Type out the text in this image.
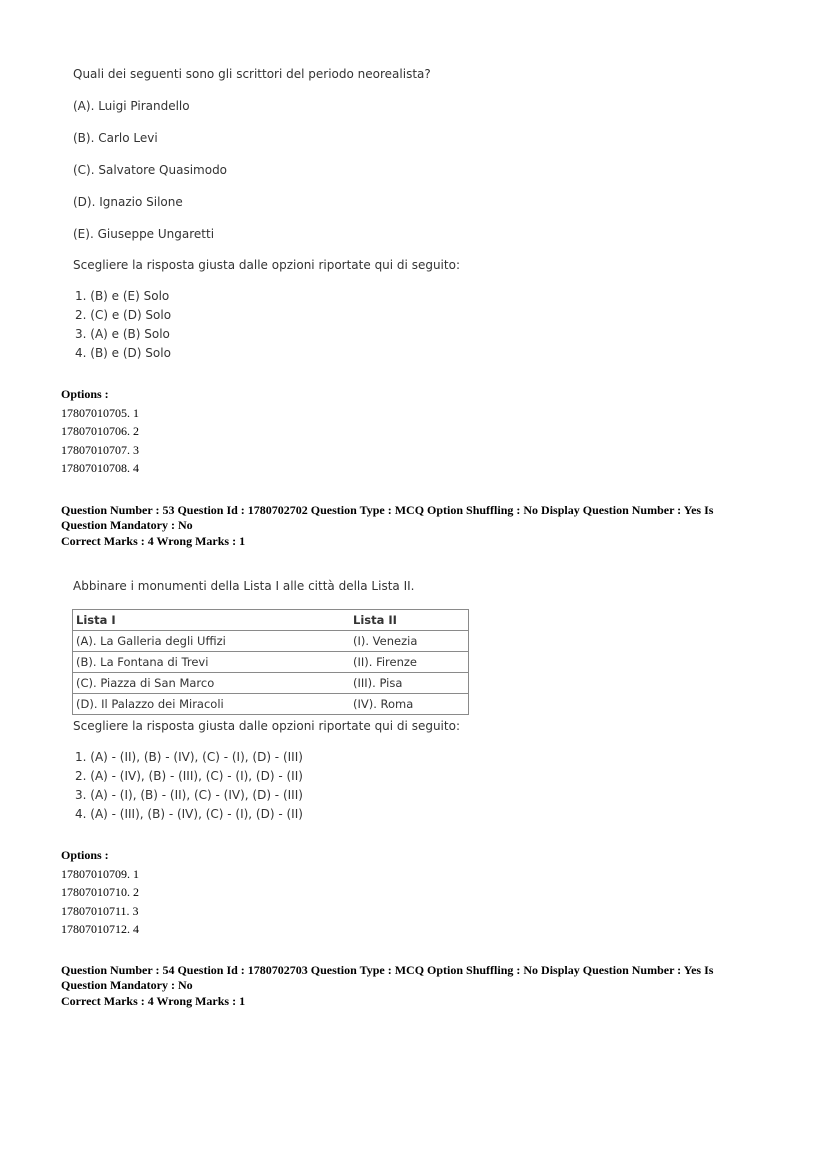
Quali dei seguenti sono gli scrittori del periodo neorealista?
(A). Luigi Pirandello
(B). Carlo Levi
(C). Salvatore Quasimodo
(D). Ignazio Silone
(E). Giuseppe Ungaretti
Scegliere la risposta giusta dalle opzioni riportate qui di seguito:
1. (B) e (E) Solo
2. (C) e (D) Solo
3. (A) e (B) Solo
4. (B) e (D) Solo
Options :
17807010705. 1
17807010706. 2
17807010707. 3
17807010708. 4
Question Number : 53 Question Id : 1780702702 Question Type : MCQ Option Shuffling : No Display Question Number : Yes Is Question Mandatory : No
Correct Marks : 4 Wrong Marks : 1
Abbinare i monumenti della Lista I alle città della Lista II.
Lista I	Lista II
(A). La Galleria degli Uffizi	(I). Venezia
(B). La Fontana di Trevi	(II). Firenze
(C). Piazza di San Marco	(III). Pisa
(D). Il Palazzo dei Miracoli	(IV). Roma
Scegliere la risposta giusta dalle opzioni riportate qui di seguito:
1. (A) - (II), (B) - (IV), (C) - (I), (D) - (III)
2. (A) - (IV), (B) - (III), (C) - (I), (D) - (II)
3. (A) - (I), (B) - (II), (C) - (IV), (D) - (III)
4. (A) - (III), (B) - (IV), (C) - (I), (D) - (II)
Options :
17807010709. 1
17807010710. 2
17807010711. 3
17807010712. 4
Question Number : 54 Question Id : 1780702703 Question Type : MCQ Option Shuffling : No Display Question Number : Yes Is Question Mandatory : No
Correct Marks : 4 Wrong Marks : 1
